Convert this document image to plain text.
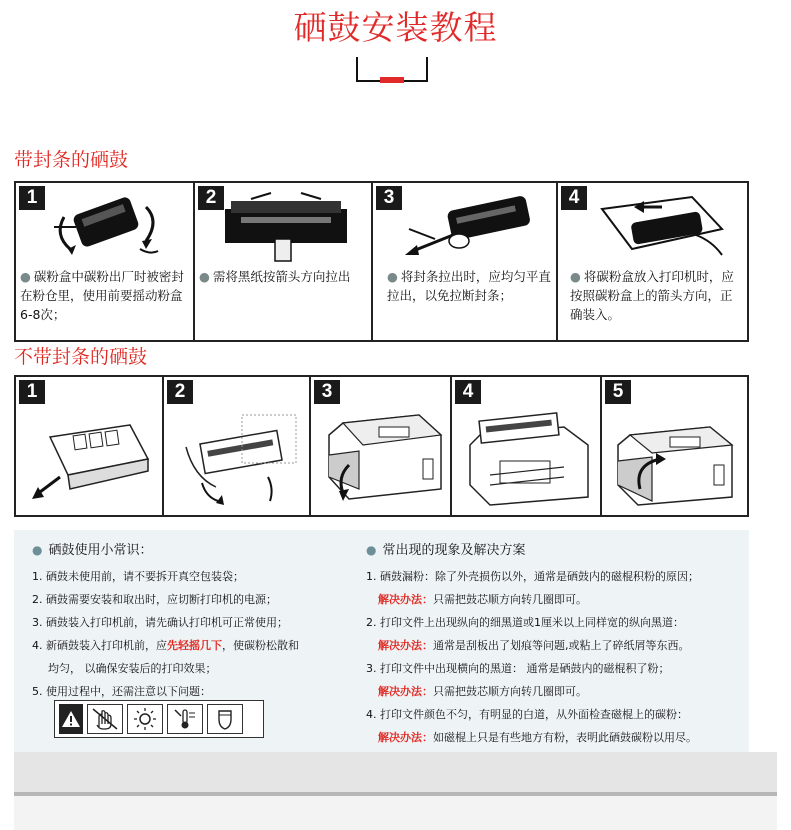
硒鼓安装教程
带封条的硒鼓
1
● 碳粉盒中碳粉出厂时被密封在粉仓里，使用前要摇动粉盒6-8次；
2
● 需将黑纸按箭头方向拉出
3
● 将封条拉出时，应均匀平直拉出，以免拉断封条；
4
● 将碳粉盒放入打印机时，应按照碳粉盒上的箭头方向，正确装入。
不带封条的硒鼓
1	2	3	4	5
● 硒鼓使用小常识：
1. 硒鼓未使用前，请不要拆开真空包装袋；
2. 硒鼓需要安装和取出时，应切断打印机的电源；
3. 硒鼓装入打印机前，请先确认打印机可正常使用；
4. 新硒鼓装入打印机前，应先轻摇几下，使碳粉松散和
均匀， 以确保安装后的打印效果；
5. 使用过程中，还需注意以下问题：
● 常出现的现象及解决方案
1. 硒鼓漏粉：除了外壳损伤以外，通常是硒鼓内的磁棍积粉的原因；
解决办法：只需把鼓芯顺方向转几圈即可。
2. 打印文件上出现纵向的细黑道或1厘米以上同样宽的纵向黑道：
解决办法：通常是刮板出了划痕等问题,或粘上了碎纸屑等东西。
3. 打印文件中出现横向的黑道： 通常是硒鼓内的磁棍积了粉；
解决办法：只需把鼓芯顺方向转几圈即可。
4. 打印文件颜色不匀，有明显的白道，从外面检查磁棍上的碳粉：
解决办法：如磁棍上只是有些地方有粉，表明此硒鼓碳粉以用尽。
